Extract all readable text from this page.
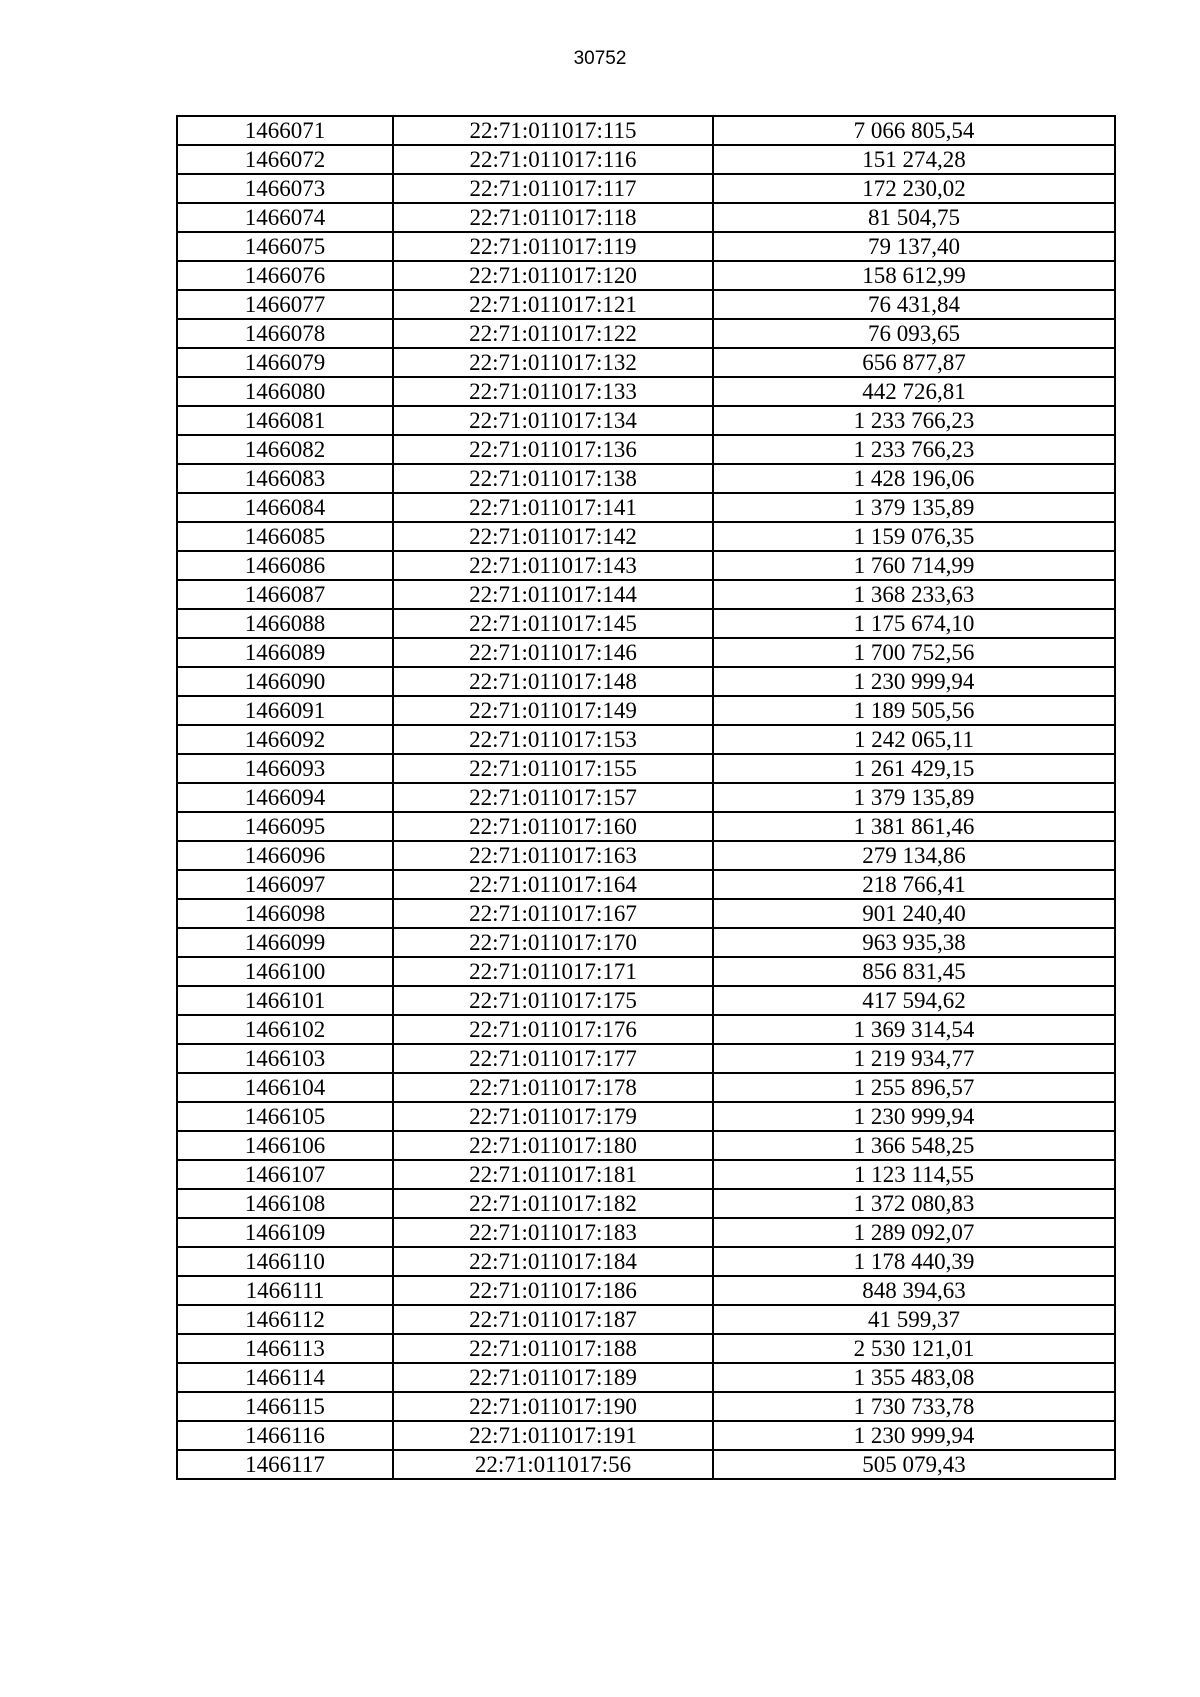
30752
1466071	22:71:011017:115	7 066 805,54
1466072	22:71:011017:116	151 274,28
1466073	22:71:011017:117	172 230,02
1466074	22:71:011017:118	81 504,75
1466075	22:71:011017:119	79 137,40
1466076	22:71:011017:120	158 612,99
1466077	22:71:011017:121	76 431,84
1466078	22:71:011017:122	76 093,65
1466079	22:71:011017:132	656 877,87
1466080	22:71:011017:133	442 726,81
1466081	22:71:011017:134	1 233 766,23
1466082	22:71:011017:136	1 233 766,23
1466083	22:71:011017:138	1 428 196,06
1466084	22:71:011017:141	1 379 135,89
1466085	22:71:011017:142	1 159 076,35
1466086	22:71:011017:143	1 760 714,99
1466087	22:71:011017:144	1 368 233,63
1466088	22:71:011017:145	1 175 674,10
1466089	22:71:011017:146	1 700 752,56
1466090	22:71:011017:148	1 230 999,94
1466091	22:71:011017:149	1 189 505,56
1466092	22:71:011017:153	1 242 065,11
1466093	22:71:011017:155	1 261 429,15
1466094	22:71:011017:157	1 379 135,89
1466095	22:71:011017:160	1 381 861,46
1466096	22:71:011017:163	279 134,86
1466097	22:71:011017:164	218 766,41
1466098	22:71:011017:167	901 240,40
1466099	22:71:011017:170	963 935,38
1466100	22:71:011017:171	856 831,45
1466101	22:71:011017:175	417 594,62
1466102	22:71:011017:176	1 369 314,54
1466103	22:71:011017:177	1 219 934,77
1466104	22:71:011017:178	1 255 896,57
1466105	22:71:011017:179	1 230 999,94
1466106	22:71:011017:180	1 366 548,25
1466107	22:71:011017:181	1 123 114,55
1466108	22:71:011017:182	1 372 080,83
1466109	22:71:011017:183	1 289 092,07
1466110	22:71:011017:184	1 178 440,39
1466111	22:71:011017:186	848 394,63
1466112	22:71:011017:187	41 599,37
1466113	22:71:011017:188	2 530 121,01
1466114	22:71:011017:189	1 355 483,08
1466115	22:71:011017:190	1 730 733,78
1466116	22:71:011017:191	1 230 999,94
1466117	22:71:011017:56	505 079,43
